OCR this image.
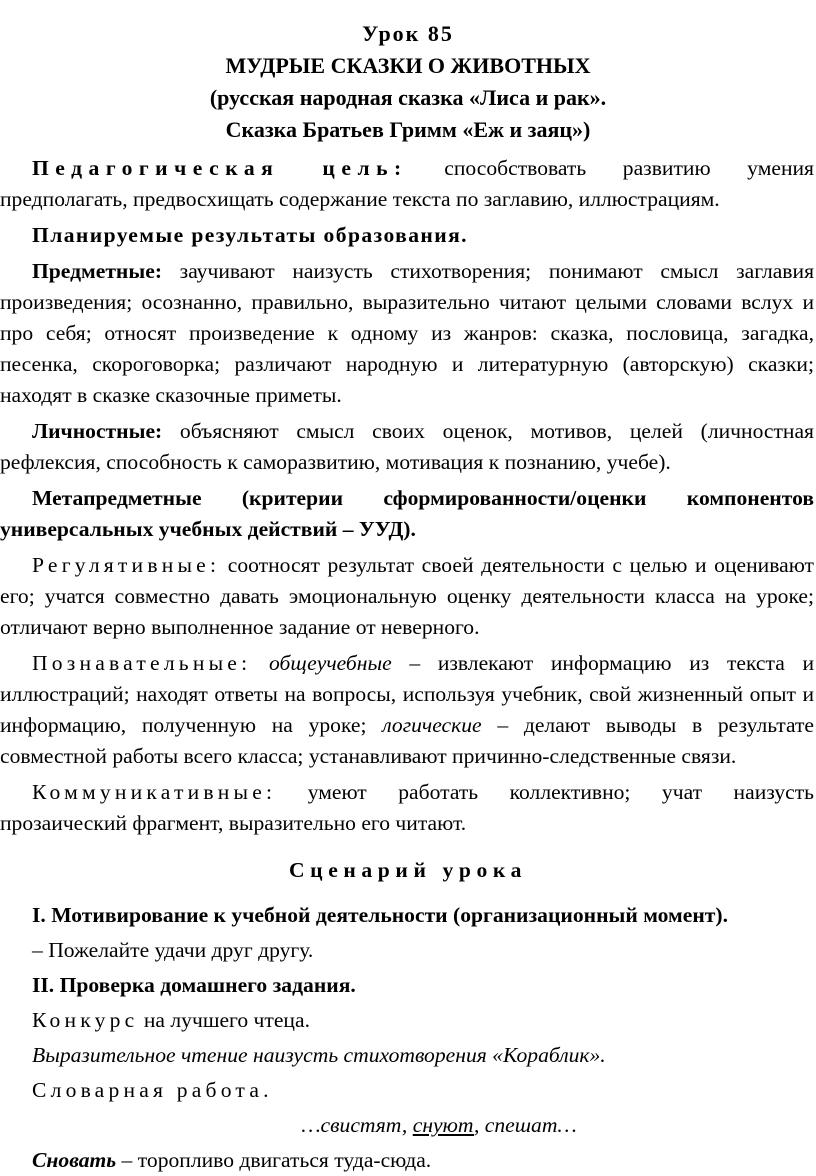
Урок 85
МУДРЫЕ СКАЗКИ О ЖИВОТНЫХ
(русская народная сказка «Лиса и рак».
Сказка Братьев Гримм «Еж и заяц»)

Педагогическая цель: способствовать развитию умения предполагать, предвосхищать содержание текста по заглавию, иллюстрациям.

Планируемые результаты образования.

Предметные: заучивают наизусть стихотворения; понимают смысл заглавия произведения; осознанно, правильно, выразительно читают целыми словами вслух и про себя; относят произведение к одному из жанров: сказка, пословица, загадка, песенка, скороговорка; различают народную и литературную (авторскую) сказки; находят в сказке сказочные приметы.

Личностные: объясняют смысл своих оценок, мотивов, целей (личностная рефлексия, способность к саморазвитию, мотивация к познанию, учебе).

Метапредметные (критерии сформированности/оценки компонентов универсальных учебных действий – УУД).

Регулятивные: соотносят результат своей деятельности с целью и оценивают его; учатся совместно давать эмоциональную оценку деятельности класса на уроке; отличают верно выполненное задание от неверного.

Познавательные: общеучебные – извлекают информацию из текста и иллюстраций; находят ответы на вопросы, используя учебник, свой жизненный опыт и информацию, полученную на уроке; логические – делают выводы в результате совместной работы всего класса; устанавливают причинно-следственные связи.

Коммуникативные: умеют работать коллективно; учат наизусть прозаический фрагмент, выразительно его читают.

Сценарий урока
I. Мотивирование к учебной деятельности (организационный момент).
– Пожелайте удачи друг другу.
II. Проверка домашнего задания.
Конкурс на лучшего чтеца.
Выразительное чтение наизусть стихотворения «Кораблик».
Словарная работа.
…свистят, снуют, спешат…
Сновать – торопливо двигаться туда-сюда.
